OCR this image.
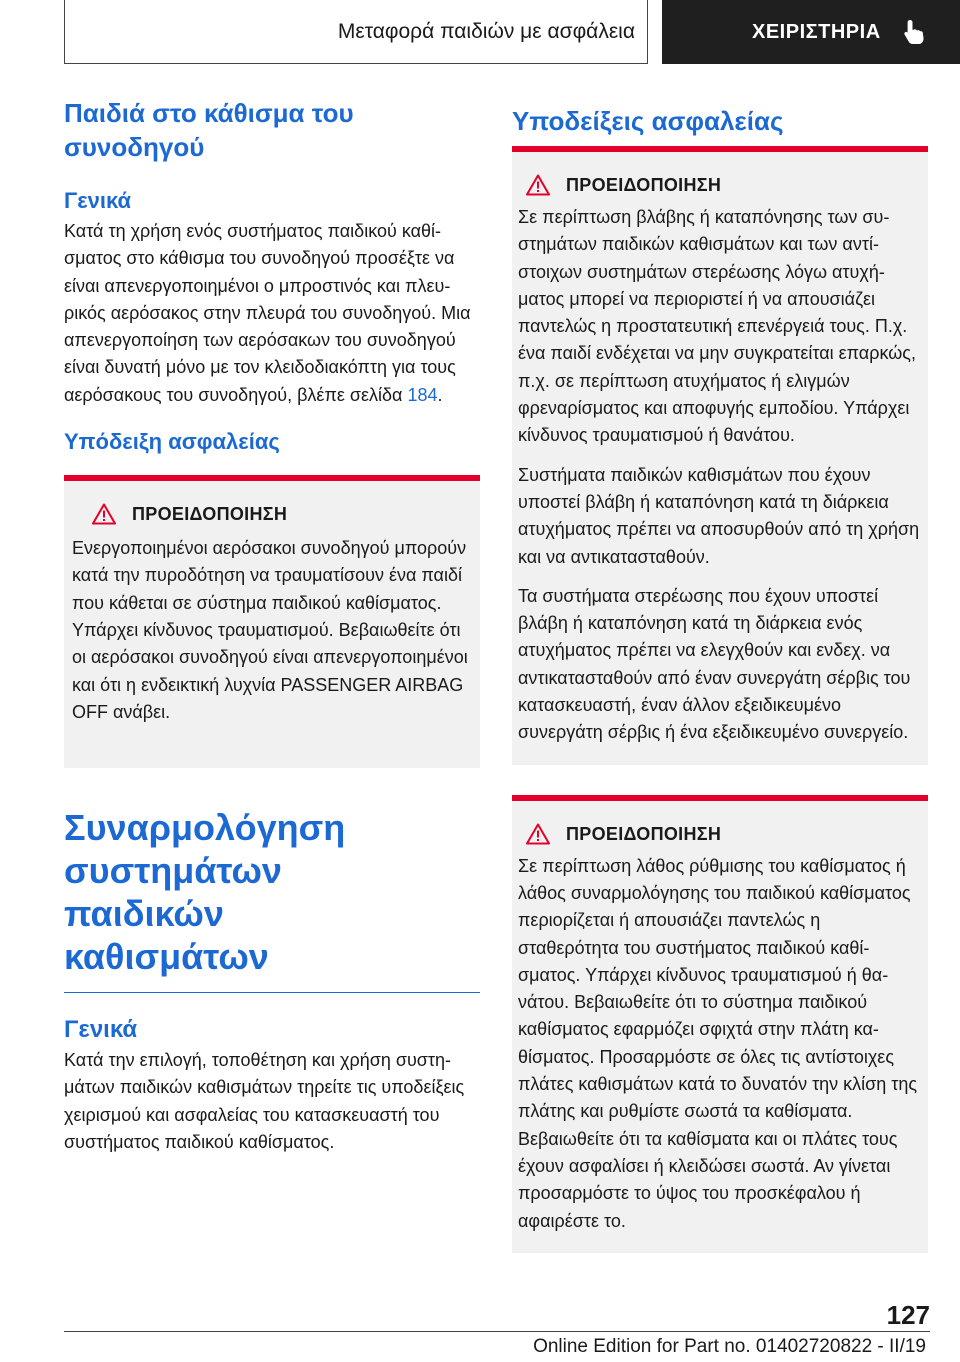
Μεταφορά παιδιών με ασφάλεια	ΧΕΙΡΙΣΤΗΡΙΑ
Παιδιά στο κάθισμα του συνοδηγού
Γενικά

Κατά τη χρήση ενός συστήματος παιδικού καθίσματος στο κάθισμα του συνοδηγού προσέξτε να είναι απενεργοποιημένοι ο μπροστινός και πλευρικός αερόσακος στην πλευρά του συνοδηγού. Μια απενεργοποίηση των αερόσακων του συνοδηγού είναι δυνατή μόνο με τον κλειδοδιακόπτη για τους αερόσακους του συνοδηγού, βλέπε σελίδα 184.

Υπόδειξη ασφαλείας
ΠΡΟΕΙΔΟΠΟΙΗΣΗ

Ενεργοποιημένοι αερόσακοι συνοδηγού μπορούν κατά την πυροδότηση να τραυματίσουν ένα παιδί που κάθεται σε σύστημα παιδικού καθίσματος. Υπάρχει κίνδυνος τραυματισμού. Βεβαιωθείτε ότι οι αερόσακοι συνοδηγού είναι απενεργοποιημένοι και ότι η ενδεικτική λυχνία PASSENGER AIRBAG OFF ανάβει.

Συναρμολόγηση συστημάτων παιδικών καθισμάτων
Γενικά

Κατά την επιλογή, τοποθέτηση και χρήση συστημάτων παιδικών καθισμάτων τηρείτε τις υποδείξεις χειρισμού και ασφαλείας του κατασκευαστή του συστήματος παιδικού καθίσματος.

Υποδείξεις ασφαλείας
ΠΡΟΕΙΔΟΠΟΙΗΣΗ

Σε περίπτωση βλάβης ή καταπόνησης των συστημάτων παιδικών καθισμάτων και των αντίστοιχων συστημάτων στερέωσης λόγω ατυχήματος μπορεί να περιοριστεί ή να απουσιάζει παντελώς η προστατευτική επενέργειά τους. Π.χ. ένα παιδί ενδέχεται να μην συγκρατείται επαρκώς, π.χ. σε περίπτωση ατυχήματος ή ελιγμών φρεναρίσματος και αποφυγής εμποδίου. Υπάρχει κίνδυνος τραυματισμού ή θανάτου.

Συστήματα παιδικών καθισμάτων που έχουν υποστεί βλάβη ή καταπόνηση κατά τη διάρκεια ατυχήματος πρέπει να αποσυρθούν από τη χρήση και να αντικατασταθούν.

Τα συστήματα στερέωσης που έχουν υποστεί βλάβη ή καταπόνηση κατά τη διάρκεια ενός ατυχήματος πρέπει να ελεγχθούν και ενδεχ. να αντικατασταθούν από έναν συνεργάτη σέρβις του κατασκευαστή, έναν άλλον εξειδικευμένο συνεργάτη σέρβις ή ένα εξειδικευμένο συνεργείο.

ΠΡΟΕΙΔΟΠΟΙΗΣΗ

Σε περίπτωση λάθος ρύθμισης του καθίσματος ή λάθος συναρμολόγησης του παιδικού καθίσματος περιορίζεται ή απουσιάζει παντελώς η σταθερότητα του συστήματος παιδικού καθίσματος. Υπάρχει κίνδυνος τραυματισμού ή θανάτου. Βεβαιωθείτε ότι το σύστημα παιδικού καθίσματος εφαρμόζει σφιχτά στην πλάτη καθίσματος. Προσαρμόστε σε όλες τις αντίστοιχες πλάτες καθισμάτων κατά το δυνατόν την κλίση της πλάτης και ρυθμίστε σωστά τα καθίσματα. Βεβαιωθείτε ότι τα καθίσματα και οι πλάτες τους έχουν ασφαλίσει ή κλειδώσει σωστά. Αν γίνεται προσαρμόστε το ύψος του προσκέφαλου ή αφαιρέστε το.

127
Online Edition for Part no. 01402720822 - II/19
